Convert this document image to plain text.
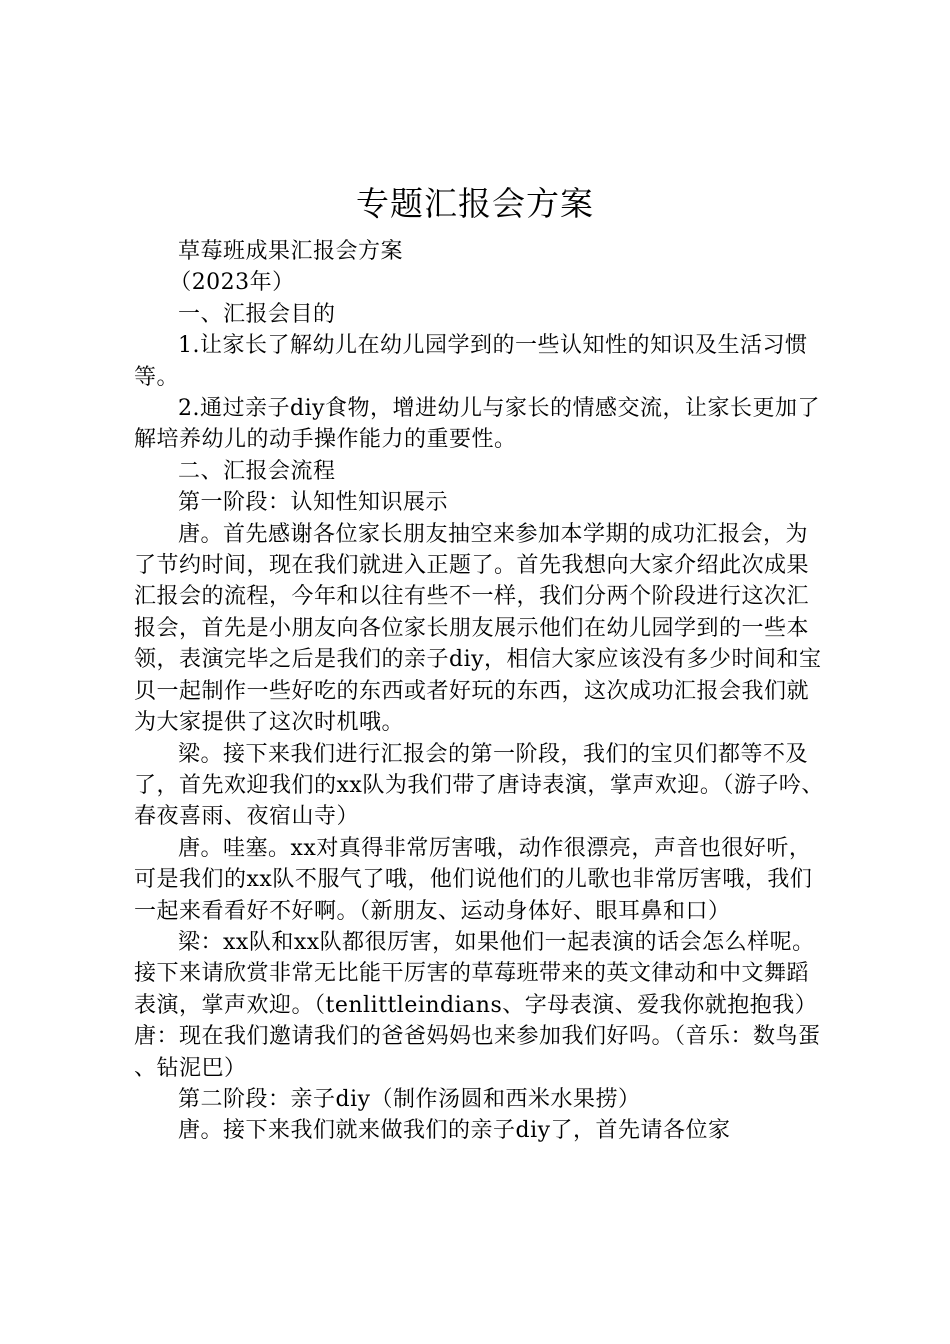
专题汇报会方案

草莓班成果汇报会方案

（2023年）

一、汇报会目的

1.让家长了解幼儿在幼儿园学到的一些认知性的知识及生活习惯等。

2.通过亲子diy食物，增进幼儿与家长的情感交流，让家长更加了解培养幼儿的动手操作能力的重要性。

二、汇报会流程

第一阶段：认知性知识展示

唐。首先感谢各位家长朋友抽空来参加本学期的成功汇报会，为了节约时间，现在我们就进入正题了。首先我想向大家介绍此次成果汇报会的流程，今年和以往有些不一样，我们分两个阶段进行这次汇报会，首先是小朋友向各位家长朋友展示他们在幼儿园学到的一些本领，表演完毕之后是我们的亲子diy，相信大家应该没有多少时间和宝贝一起制作一些好吃的东西或者好玩的东西，这次成功汇报会我们就为大家提供了这次时机哦。

梁。接下来我们进行汇报会的第一阶段，我们的宝贝们都等不及了，首先欢迎我们的xx队为我们带了唐诗表演，掌声欢迎。（游子吟、春夜喜雨、夜宿山寺）

唐。哇塞。xx对真得非常厉害哦，动作很漂亮，声音也很好听，可是我们的xx队不服气了哦，他们说他们的儿歌也非常厉害哦，我们一起来看看好不好啊。（新朋友、运动身体好、眼耳鼻和口）

梁：xx队和xx队都很厉害，如果他们一起表演的话会怎么样呢。接下来请欣赏非常无比能干厉害的草莓班带来的英文律动和中文舞蹈表演，掌声欢迎。（tenlittleindians、字母表演、爱我你就抱抱我）唐：现在我们邀请我们的爸爸妈妈也来参加我们好吗。（音乐：数鸟蛋、钻泥巴）

第二阶段：亲子diy（制作汤圆和西米水果捞）

唐。接下来我们就来做我们的亲子diy了，首先请各位家
